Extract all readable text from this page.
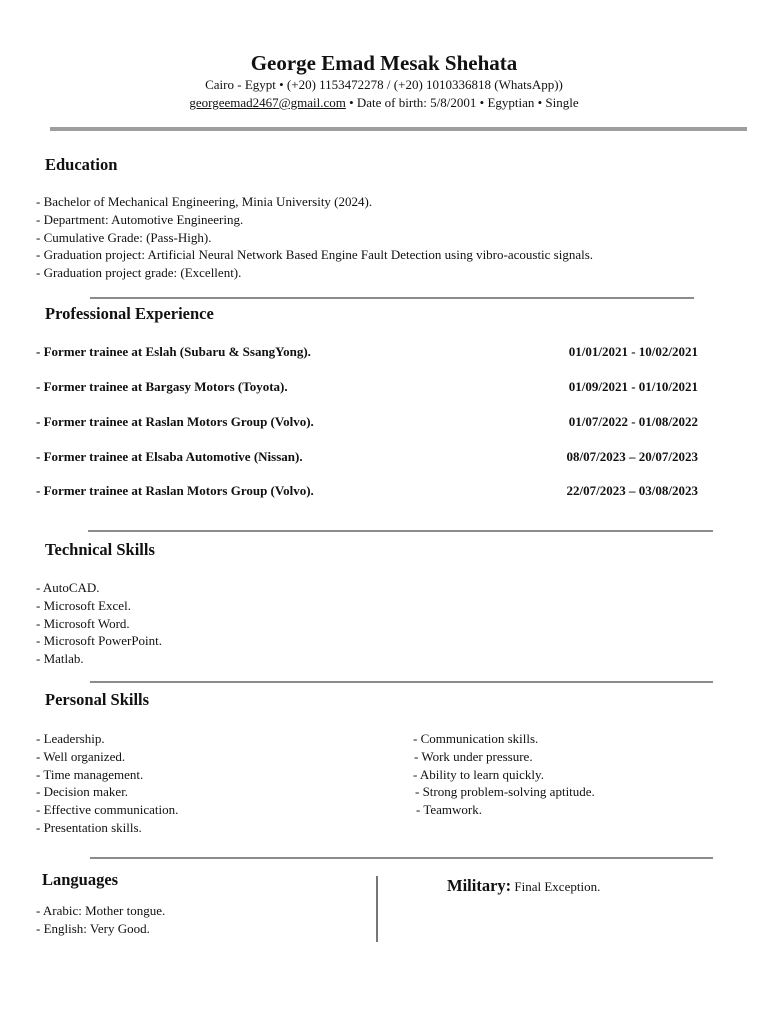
George Emad Mesak Shehata
Cairo - Egypt • (+20) 1153472278 / (+20) 1010336818 (WhatsApp))
georgeemad2467@gmail.com • Date of birth: 5/8/2001 • Egyptian • Single
Education
- Bachelor of Mechanical Engineering, Minia University (2024).
- Department: Automotive Engineering.
- Cumulative Grade: (Pass-High).
- Graduation project: Artificial Neural Network Based Engine Fault Detection using vibro-acoustic signals.
- Graduation project grade: (Excellent).
Professional Experience
- Former trainee at Eslah (Subaru & SsangYong).	01/01/2021 - 10/02/2021
- Former trainee at Bargasy Motors (Toyota).	01/09/2021 - 01/10/2021
- Former trainee at Raslan Motors Group (Volvo).	01/07/2022 - 01/08/2022
- Former trainee at Elsaba Automotive (Nissan).	08/07/2023 – 20/07/2023
- Former trainee at Raslan Motors Group (Volvo).	22/07/2023 – 03/08/2023
Technical Skills
- AutoCAD.
- Microsoft Excel.
- Microsoft Word.
- Microsoft PowerPoint.
- Matlab.
Personal Skills
- Leadership.
- Well organized.
- Time management.
- Decision maker.
- Effective communication.
- Presentation skills.
- Communication skills.
- Work under pressure.
- Ability to learn quickly.
- Strong problem-solving aptitude.
- Teamwork.
Languages
- Arabic: Mother tongue.
- English: Very Good.
Military: Final Exception.
